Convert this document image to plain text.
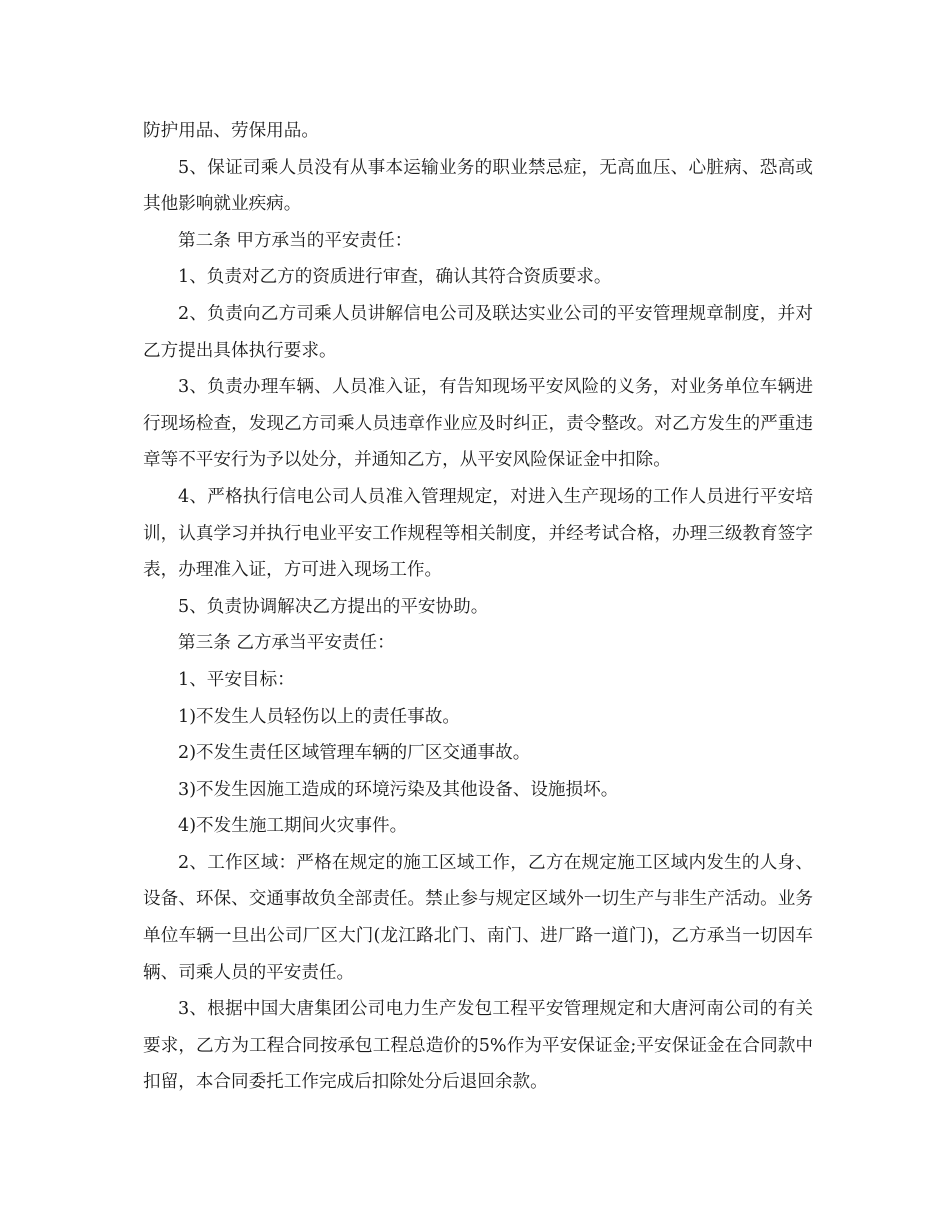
防护用品、劳保用品。

5、保证司乘人员没有从事本运输业务的职业禁忌症，无高血压、心脏病、恐高或其他影响就业疾病。

第二条 甲方承当的平安责任：

1、负责对乙方的资质进行审查，确认其符合资质要求。

2、负责向乙方司乘人员讲解信电公司及联达实业公司的平安管理规章制度，并对乙方提出具体执行要求。

3、负责办理车辆、人员准入证，有告知现场平安风险的义务，对业务单位车辆进行现场检查，发现乙方司乘人员违章作业应及时纠正，责令整改。对乙方发生的严重违章等不平安行为予以处分，并通知乙方，从平安风险保证金中扣除。

4、严格执行信电公司人员准入管理规定，对进入生产现场的工作人员进行平安培训，认真学习并执行电业平安工作规程等相关制度，并经考试合格，办理三级教育签字表，办理准入证，方可进入现场工作。

5、负责协调解决乙方提出的平安协助。

第三条 乙方承当平安责任：

1、平安目标：

1)不发生人员轻伤以上的责任事故。

2)不发生责任区域管理车辆的厂区交通事故。

3)不发生因施工造成的环境污染及其他设备、设施损坏。

4)不发生施工期间火灾事件。

2、工作区域：严格在规定的施工区域工作，乙方在规定施工区域内发生的人身、设备、环保、交通事故负全部责任。禁止参与规定区域外一切生产与非生产活动。业务单位车辆一旦出公司厂区大门(龙江路北门、南门、进厂路一道门)，乙方承当一切因车辆、司乘人员的平安责任。

3、根据中国大唐集团公司电力生产发包工程平安管理规定和大唐河南公司的有关要求，乙方为工程合同按承包工程总造价的5%作为平安保证金;平安保证金在合同款中扣留，本合同委托工作完成后扣除处分后退回余款。
